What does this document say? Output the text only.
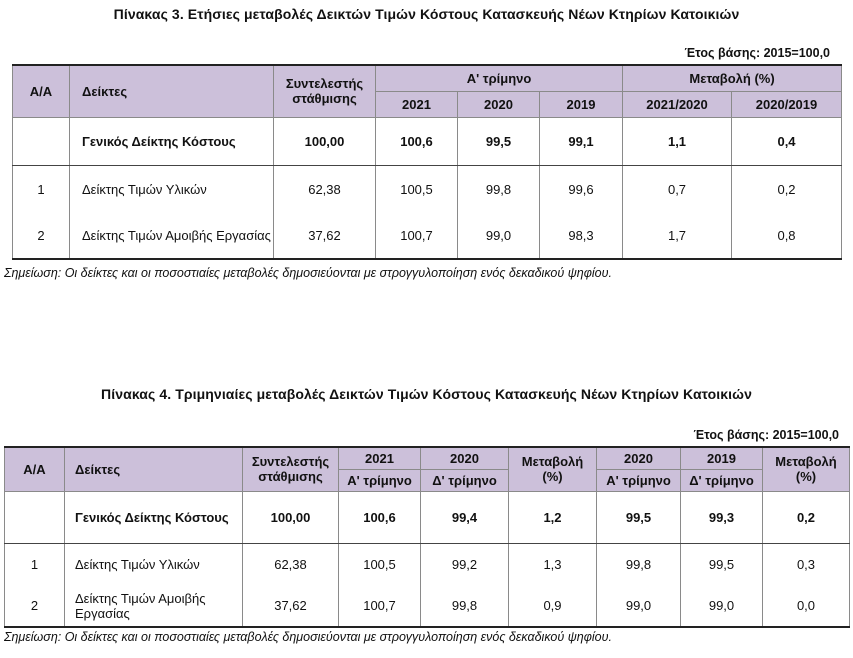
Πίνακας 3. Ετήσιες μεταβολές Δεικτών Τιμών Κόστους Κατασκευής Νέων Κτηρίων Κατοικιών
Έτος βάσης: 2015=100,0
Α/Α	Δείκτες	Συντελεστής στάθμισης	Α' τρίμηνο			Μεταβολή (%)	
			2021	2020	2019	2021/2020	2020/2019
	Γενικός Δείκτης Κόστους	100,00	100,6	99,5	99,1	1,1	0,4
1	Δείκτης Τιμών Υλικών	62,38	100,5	99,8	99,6	0,7	0,2
2	Δείκτης Τιμών Αμοιβής Εργασίας	37,62	100,7	99,0	98,3	1,7	0,8
Σημείωση: Οι δείκτες και οι ποσοστιαίες μεταβολές δημοσιεύονται με στρογγυλοποίηση ενός δεκαδικού ψηφίου.
Πίνακας 4. Τριμηνιαίες μεταβολές Δεικτών Τιμών Κόστους Κατασκευής Νέων Κτηρίων Κατοικιών
Έτος βάσης: 2015=100,0
Α/Α	Δείκτες	Συντελεστής στάθμισης	2021	2020	Μεταβολή (%)	2020	2019	Μεταβολή (%)
			Α' τρίμηνο	Δ' τρίμηνο		Α' τρίμηνο	Δ' τρίμηνο	
	Γενικός Δείκτης Κόστους	100,00	100,6	99,4	1,2	99,5	99,3	0,2
1	Δείκτης Τιμών Υλικών	62,38	100,5	99,2	1,3	99,8	99,5	0,3
2	Δείκτης Τιμών Αμοιβής Εργασίας	37,62	100,7	99,8	0,9	99,0	99,0	0,0
Σημείωση: Οι δείκτες και οι ποσοστιαίες μεταβολές δημοσιεύονται με στρογγυλοποίηση ενός δεκαδικού ψηφίου.
